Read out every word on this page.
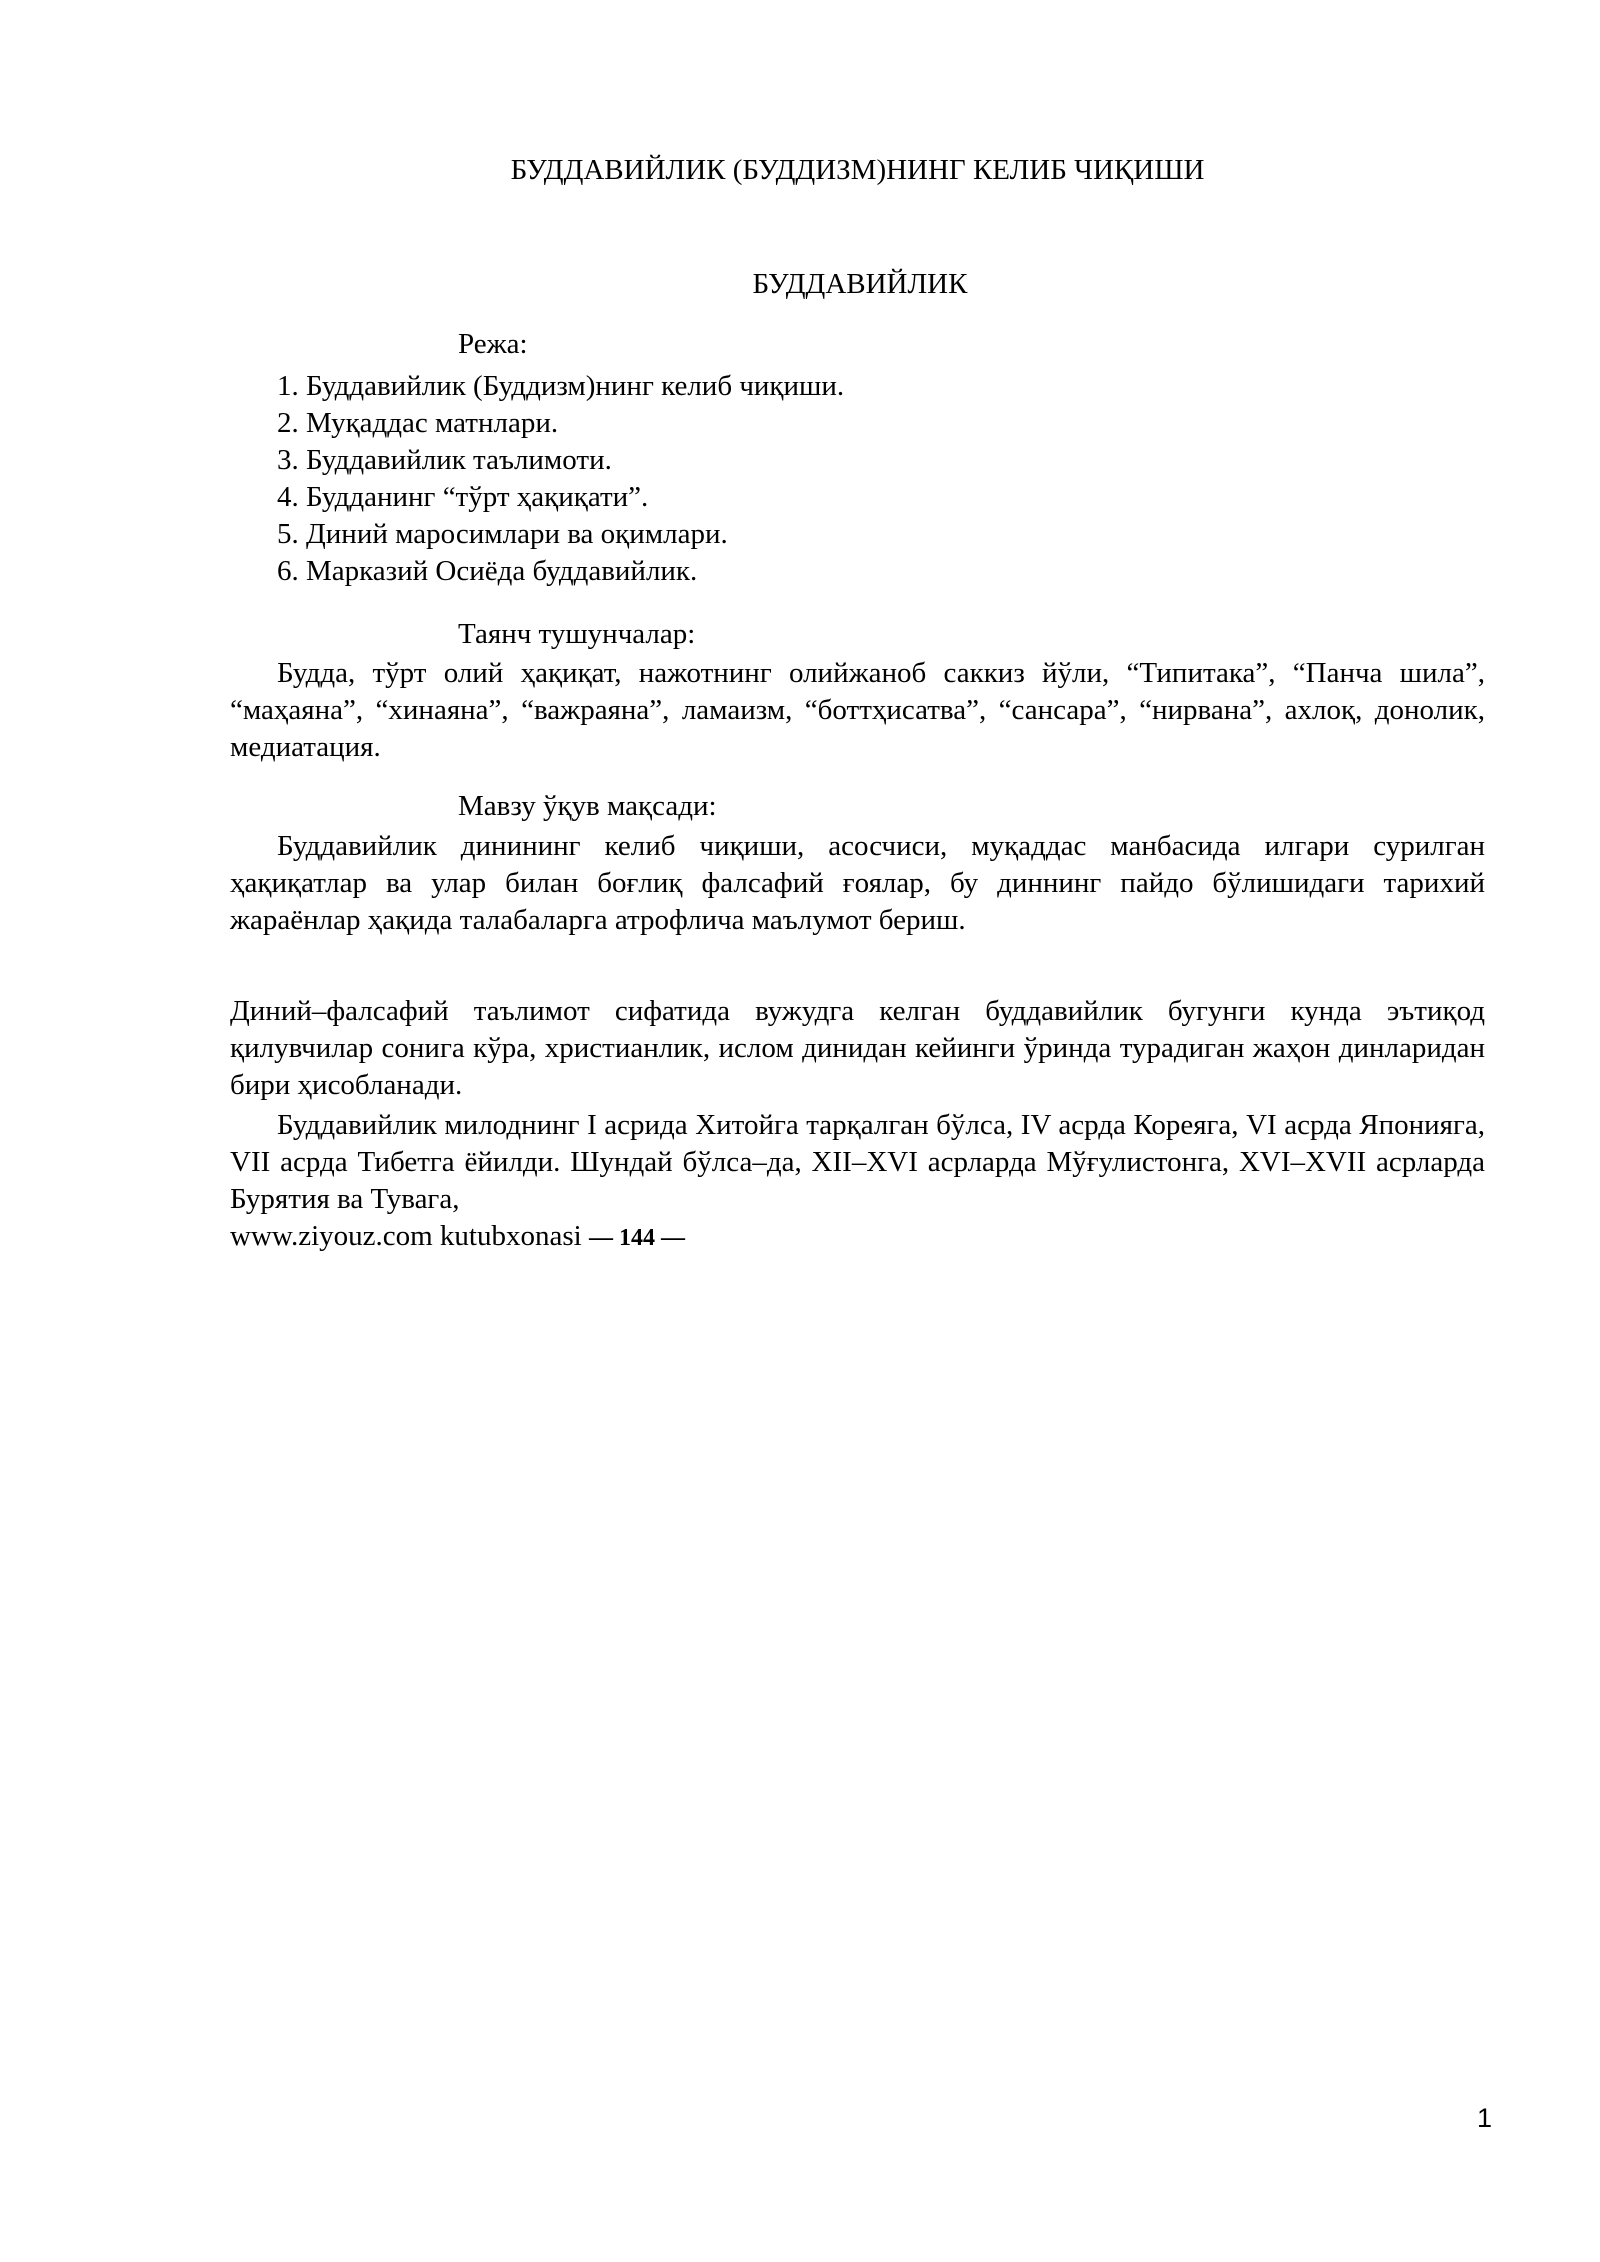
БУДДАВИЙЛИК (БУДДИЗМ)НИНГ КЕЛИБ ЧИҚИШИ
БУДДАВИЙЛИК
Режа:
1. Буддавийлик (Буддизм)нинг келиб чиқиши.
2. Муқаддас матнлари.
3. Буддавийлик таълимоти.
4. Будданинг “тўрт ҳақиқати”.
5. Диний маросимлари ва оқимлари.
6. Марказий Осиёда буддавийлик.
Таянч тушунчалар:

Будда, тўрт олий ҳақиқат, нажотнинг олийжаноб саккиз йўли, “Типитака”, “Панча шила”, “маҳаяна”, “хинаяна”, “важраяна”, ламаизм, “боттҳисатва”, “сансара”, “нирвана”, ахлоқ, донолик, медиатация.

Мавзу ўқув мақсади:

Буддавийлик динининг келиб чиқиши, асосчиси, муқаддас манбасида илгари сурилган ҳақиқатлар ва улар билан боғлиқ фалсафий ғоялар, бу диннинг пайдо бўлишидаги тарихий жараёнлар ҳақида талабаларга атрофлича маълумот бериш.

Диний–фалсафий таълимот сифатида вужудга келган буддавийлик бугунги кунда эътиқод қилувчилар сонига кўра, христианлик, ислом динидан кейинги ўринда турадиган жаҳон динларидан бири ҳисобланади.

Буддавийлик милоднинг I асрида Хитойга тарқалган бўлса, IV асрда Кореяга, VI асрда Японияга, VII асрда Тибетга ёйилди. Шундай бўлса–да, XII–XVI асрларда Мўғулистонга, XVI–XVII асрларда Бурятия ва Тувага,

www.ziyouz.com kutubxonasi — 144 —
1
